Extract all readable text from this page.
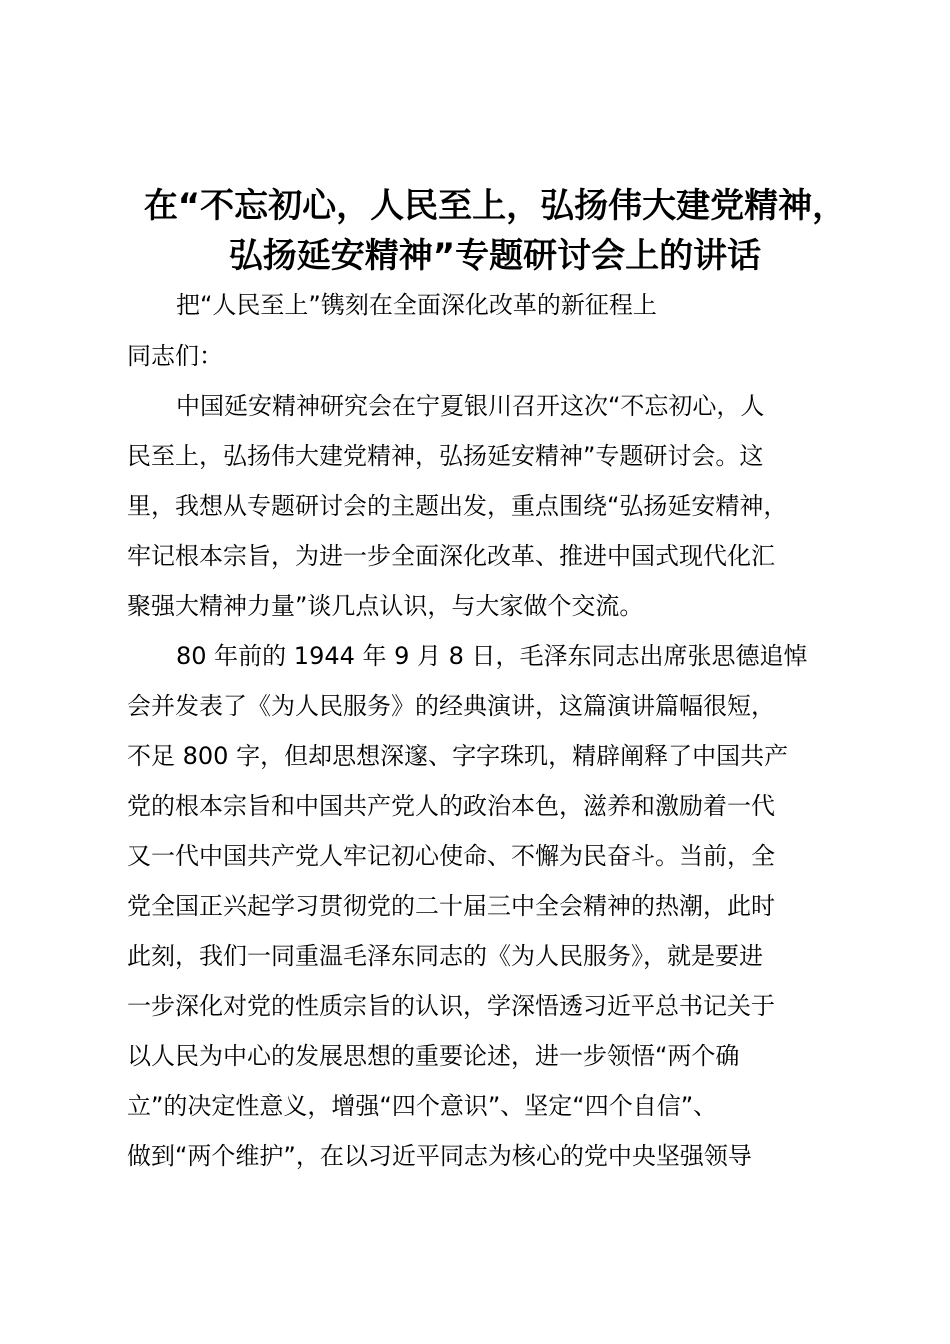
在“不忘初心，人民至上，弘扬伟大建党精神，
弘扬延安精神”专题研讨会上的讲话
把“人民至上”镌刻在全面深化改革的新征程上
同志们：
中国延安精神研究会在宁夏银川召开这次“不忘初心，人
民至上，弘扬伟大建党精神，弘扬延安精神”专题研讨会。这
里，我想从专题研讨会的主题出发，重点围绕“弘扬延安精神，
牢记根本宗旨，为进一步全面深化改革、推进中国式现代化汇
聚强大精神力量”谈几点认识，与大家做个交流。
80 年前的 1944 年 9 月 8 日，毛泽东同志出席张思德追悼
会并发表了《为人民服务》的经典演讲，这篇演讲篇幅很短，
不足 800 字，但却思想深邃、字字珠玑，精辟阐释了中国共产
党的根本宗旨和中国共产党人的政治本色，滋养和激励着一代
又一代中国共产党人牢记初心使命、不懈为民奋斗。当前，全
党全国正兴起学习贯彻党的二十届三中全会精神的热潮，此时
此刻，我们一同重温毛泽东同志的《为人民服务》，就是要进
一步深化对党的性质宗旨的认识，学深悟透习近平总书记关于
以人民为中心的发展思想的重要论述，进一步领悟“两个确
立”的决定性意义，增强“四个意识”、坚定“四个自信”、
做到“两个维护”，在以习近平同志为核心的党中央坚强领导
